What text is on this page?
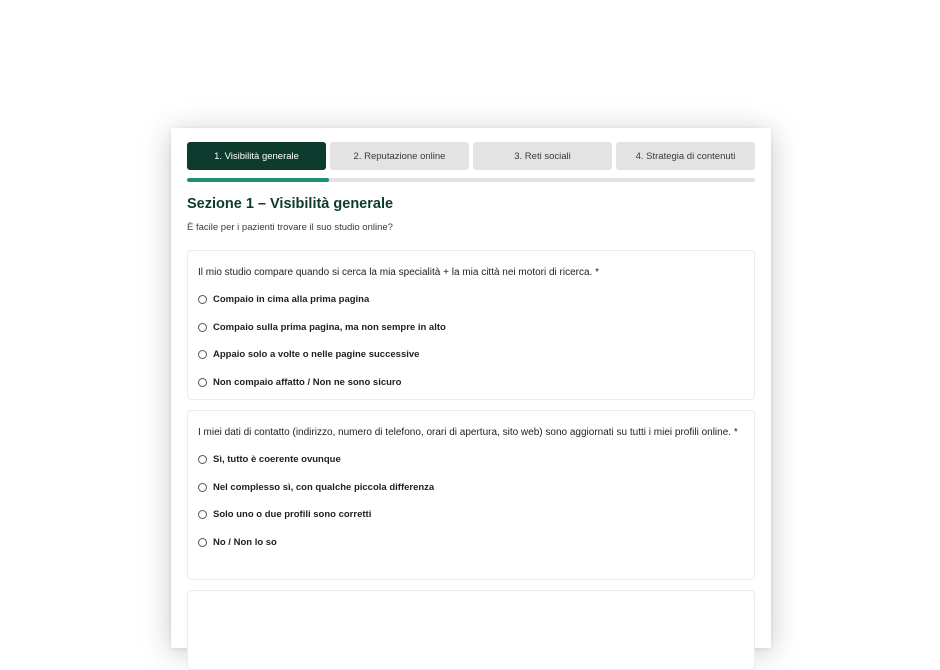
1. Visibilità generale	2. Reputazione online	3. Reti sociali	4. Strategia di contenuti
Sezione 1 – Visibilità generale

È facile per i pazienti trovare il suo studio online?

Il mio studio compare quando si cerca la mia specialità + la mia città nei motori di ricerca. *

Compaio in cima alla prima pagina
Compaio sulla prima pagina, ma non sempre in alto
Appaio solo a volte o nelle pagine successive
Non compaio affatto / Non ne sono sicuro

I miei dati di contatto (indirizzo, numero di telefono, orari di apertura, sito web) sono aggiornati su tutti i miei profili online. *

Sì, tutto è coerente ovunque
Nel complesso sì, con qualche piccola differenza
Solo uno o due profili sono corretti
No / Non lo so
